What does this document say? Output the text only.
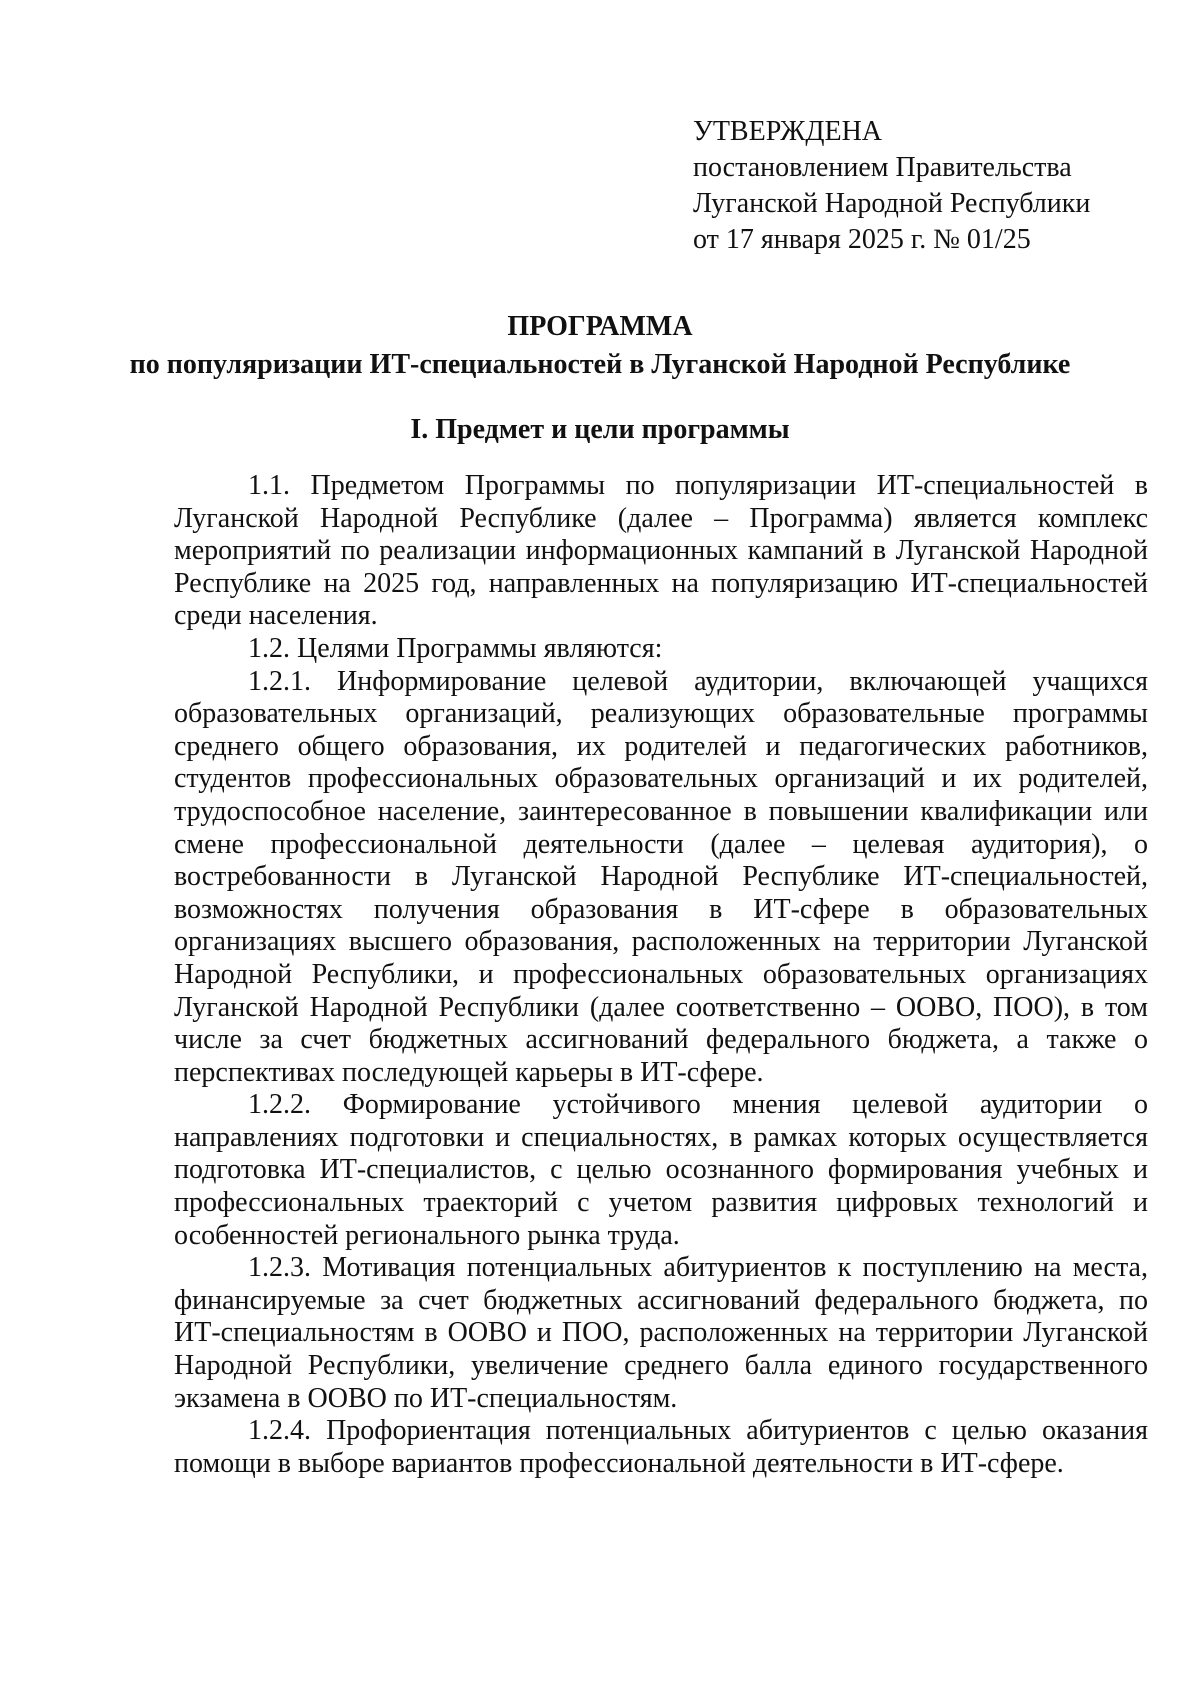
УТВЕРЖДЕНА
постановлением Правительства
Луганской Народной Республики
от 17 января 2025 г. № 01/25
ПРОГРАММА
по популяризации ИТ-специальностей в Луганской Народной Республике
I. Предмет и цели программы

1.1. Предметом Программы по популяризации ИТ-специальностей в Луганской Народной Республике (далее – Программа) является комплекс мероприятий по реализации информационных кампаний в Луганской Народной Республике на 2025 год, направленных на популяризацию ИТ-специальностей среди населения.

1.2. Целями Программы являются:

1.2.1. Информирование целевой аудитории, включающей учащихся образовательных организаций, реализующих образовательные программы среднего общего образования, их родителей и педагогических работников, студентов профессиональных образовательных организаций и их родителей, трудоспособное население, заинтересованное в повышении квалификации или смене профессиональной деятельности (далее – целевая аудитория), о востребованности в Луганской Народной Республике ИТ-специальностей, возможностях получения образования в ИТ-сфере в образовательных организациях высшего образования, расположенных на территории Луганской Народной Республики, и профессиональных образовательных организациях Луганской Народной Республики (далее соответственно – ООВО, ПОО), в том числе за счет бюджетных ассигнований федерального бюджета, а также о перспективах последующей карьеры в ИТ-сфере.

1.2.2. Формирование устойчивого мнения целевой аудитории о направлениях подготовки и специальностях, в рамках которых осуществляется подготовка ИТ-специалистов, с целью осознанного формирования учебных и профессиональных траекторий с учетом развития цифровых технологий и особенностей регионального рынка труда.

1.2.3. Мотивация потенциальных абитуриентов к поступлению на места, финансируемые за счет бюджетных ассигнований федерального бюджета, по ИТ-специальностям в ООВО и ПОО, расположенных на территории Луганской Народной Республики, увеличение среднего балла единого государственного экзамена в ООВО по ИТ-специальностям.

1.2.4. Профориентация потенциальных абитуриентов с целью оказания помощи в выборе вариантов профессиональной деятельности в ИТ-сфере.
